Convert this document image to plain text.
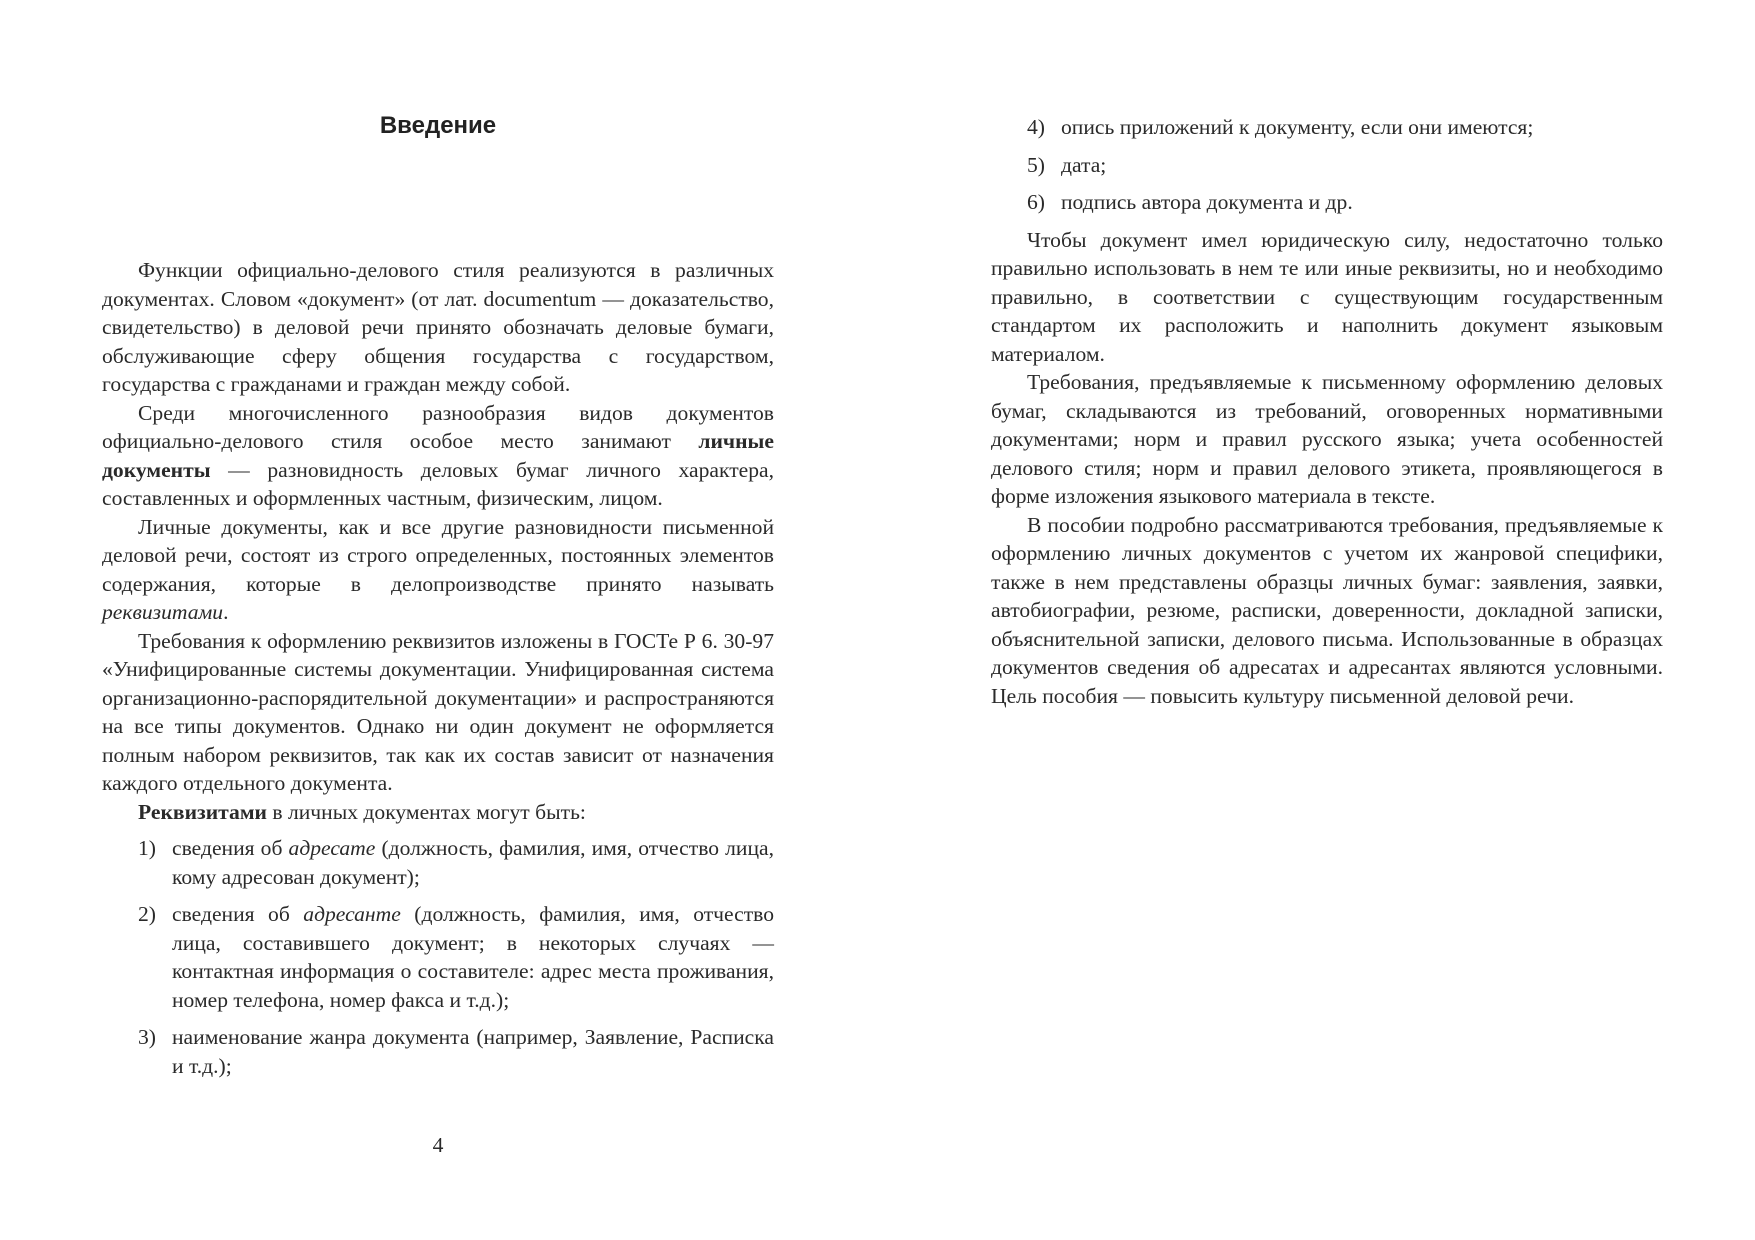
Введение

Функции официально-делового стиля реализуются в различных документах. Словом «документ» (от лат. documentum — доказательство, свидетельство) в деловой речи принято обозначать деловые бумаги, обслуживающие сферу общения государства с государством, государства с гражданами и граждан между собой.

Среди многочисленного разнообразия видов документов официально-делового стиля особое место занимают личные документы — разновидность деловых бумаг личного характера, составленных и оформленных частным, физическим, лицом.

Личные документы, как и все другие разновидности письменной деловой речи, состоят из строго определенных, постоянных элементов содержания, которые в делопроизводстве принято называть реквизитами.

Требования к оформлению реквизитов изложены в ГОСТе Р 6. 30-97 «Унифицированные системы документации. Унифицированная система организационно-распорядительной документации» и распространяются на все типы документов. Однако ни один документ не оформляется полным набором реквизитов, так как их состав зависит от назначения каждого отдельного документа.

Реквизитами в личных документах могут быть:

1) сведения об адресате (должность, фамилия, имя, отчество лица, кому адресован документ);
2) сведения об адресанте (должность, фамилия, имя, отчество лица, составившего документ; в некоторых случаях — контактная информация о составителе: адрес места проживания, номер телефона, номер факса и т.д.);
3) наименование жанра документа (например, Заявление, Расписка и т.д.);
4
4) опись приложений к документу, если они имеются;
5) дата;
6) подпись автора документа и др.

Чтобы документ имел юридическую силу, недостаточно только правильно использовать в нем те или иные реквизиты, но и необходимо правильно, в соответствии с существующим государственным стандартом их расположить и наполнить документ языковым материалом.

Требования, предъявляемые к письменному оформлению деловых бумаг, складываются из требований, оговоренных нормативными документами; норм и правил русского языка; учета особенностей делового стиля; норм и правил делового этикета, проявляющегося в форме изложения языкового материала в тексте.

В пособии подробно рассматриваются требования, предъявляемые к оформлению личных документов с учетом их жанровой специфики, также в нем представлены образцы личных бумаг: заявления, заявки, автобиографии, резюме, расписки, доверенности, докладной записки, объяснительной записки, делового письма. Использованные в образцах документов сведения об адресатах и адресантах являются условными. Цель пособия — повысить культуру письменной деловой речи.
